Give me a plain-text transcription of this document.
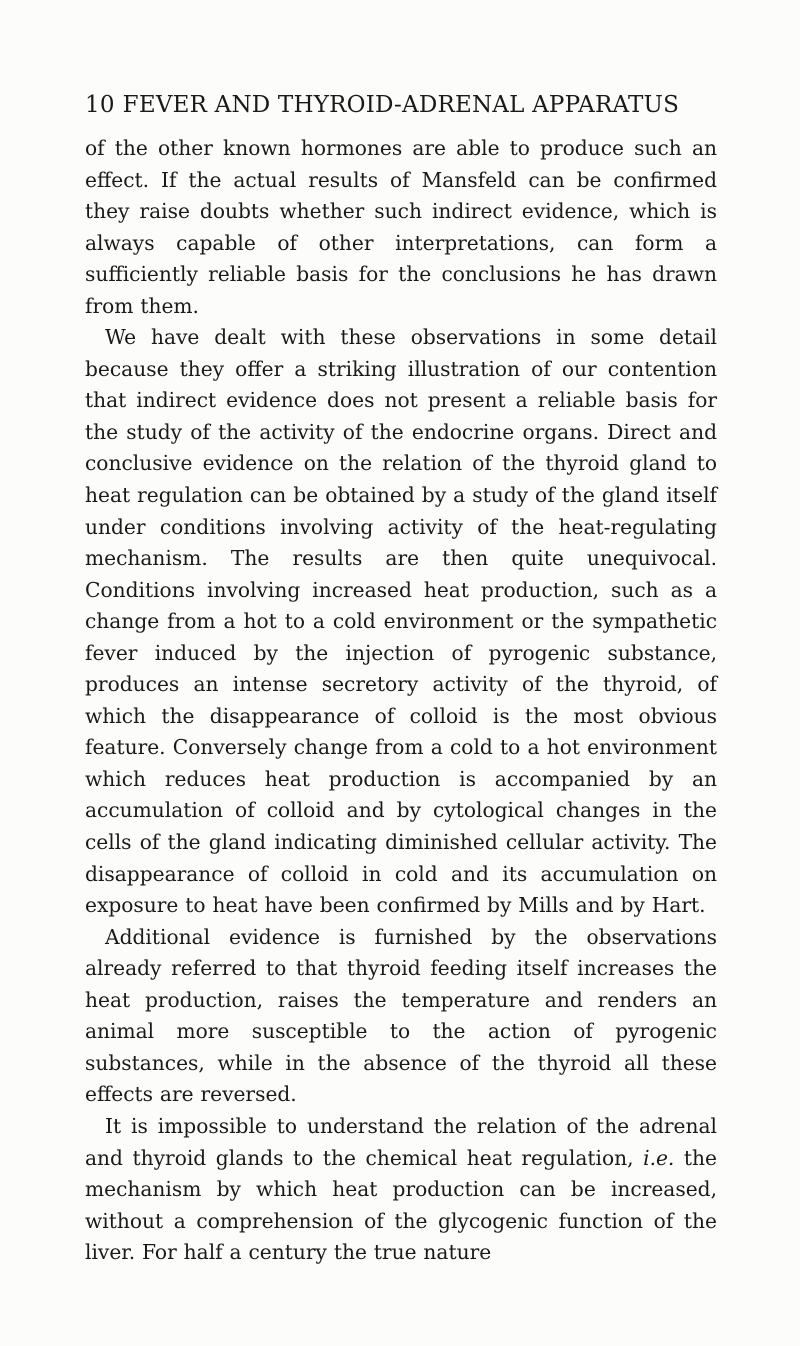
10 FEVER AND THYROID-ADRENAL APPARATUS

of the other known hormones are able to produce such an effect. If the actual results of Mansfeld can be confirmed they raise doubts whether such indirect evidence, which is always capable of other interpretations, can form a sufficiently reliable basis for the conclusions he has drawn from them.

We have dealt with these observations in some detail because they offer a striking illustration of our contention that indirect evidence does not present a reliable basis for the study of the activity of the endocrine organs. Direct and conclusive evidence on the relation of the thyroid gland to heat regulation can be obtained by a study of the gland itself under conditions involving activity of the heat-regulating mechanism. The results are then quite unequivocal. Conditions involving increased heat production, such as a change from a hot to a cold environment or the sympathetic fever induced by the injection of pyrogenic substance, produces an intense secretory activity of the thyroid, of which the disappearance of colloid is the most obvious feature. Conversely change from a cold to a hot environment which reduces heat production is accompanied by an accumulation of colloid and by cytological changes in the cells of the gland indicating diminished cellular activity. The disappearance of colloid in cold and its accumulation on exposure to heat have been confirmed by Mills and by Hart.

Additional evidence is furnished by the observations already referred to that thyroid feeding itself increases the heat production, raises the temperature and renders an animal more susceptible to the action of pyrogenic substances, while in the absence of the thyroid all these effects are reversed.

It is impossible to understand the relation of the adrenal and thyroid glands to the chemical heat regulation, i.e. the mechanism by which heat production can be increased, without a comprehension of the glycogenic function of the liver. For half a century the true nature
